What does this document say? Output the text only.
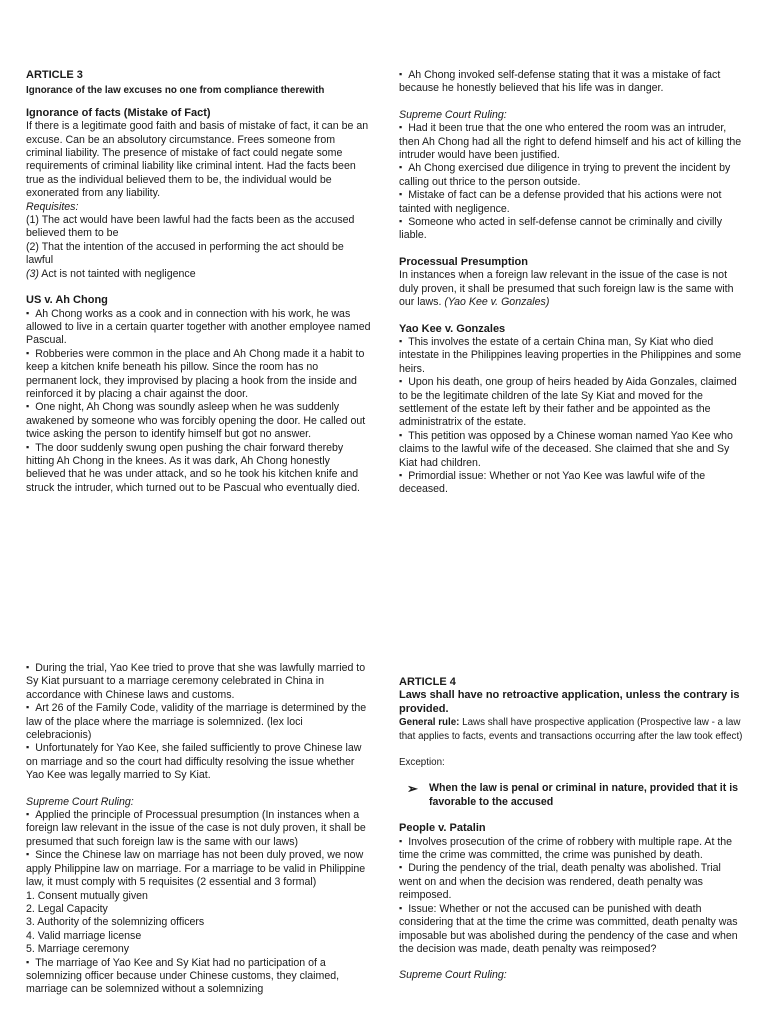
ARTICLE 3

Ignorance of the law excuses no one from compliance therewith

Ignorance of facts (Mistake of Fact)

If there is a legitimate good faith and basis of mistake of fact, it can be an excuse. Can be an absolutory circumstance. Frees someone from criminal liability. The presence of mistake of fact could negate some requirements of criminal liability like criminal intent. Had the facts been true as the individual believed them to be, the individual would be exonerated from any liability.

Requisites:

(1) The act would have been lawful had the facts been as the accused believed them to be

(2) That the intention of the accused in performing the act should be lawful

(3) Act is not tainted with negligence

US v. Ah Chong

▪ Ah Chong works as a cook and in connection with his work, he was allowed to live in a certain quarter together with another employee named Pascual.

▪ Robberies were common in the place and Ah Chong made it a habit to keep a kitchen knife beneath his pillow. Since the room has no permanent lock, they improvised by placing a hook from the inside and reinforced it by placing a chair against the door.

▪ One night, Ah Chong was soundly asleep when he was suddenly awakened by someone who was forcibly opening the door. He called out twice asking the person to identify himself but got no answer.

▪ The door suddenly swung open pushing the chair forward thereby hitting Ah Chong in the knees. As it was dark, Ah Chong honestly believed that he was under attack, and so he took his kitchen knife and struck the intruder, which turned out to be Pascual who eventually died.

▪ Ah Chong invoked self-defense stating that it was a mistake of fact because he honestly believed that his life was in danger.

Supreme Court Ruling:

▪ Had it been true that the one who entered the room was an intruder, then Ah Chong had all the right to defend himself and his act of killing the intruder would have been justified.

▪ Ah Chong exercised due diligence in trying to prevent the incident by calling out thrice to the person outside.

▪ Mistake of fact can be a defense provided that his actions were not tainted with negligence.

▪ Someone who acted in self-defense cannot be criminally and civilly liable.

Processual Presumption

In instances when a foreign law relevant in the issue of the case is not duly proven, it shall be presumed that such foreign law is the same with our laws. (Yao Kee v. Gonzales)

Yao Kee v. Gonzales

▪ This involves the estate of a certain China man, Sy Kiat who died intestate in the Philippines leaving properties in the Philippines and some heirs.

▪ Upon his death, one group of heirs headed by Aida Gonzales, claimed to be the legitimate children of the late Sy Kiat and moved for the settlement of the estate left by their father and be appointed as the administratrix of the estate.

▪ This petition was opposed by a Chinese woman named Yao Kee who claims to the lawful wife of the deceased. She claimed that she and Sy Kiat had children.

▪ Primordial issue: Whether or not Yao Kee was lawful wife of the deceased.

▪ During the trial, Yao Kee tried to prove that she was lawfully married to Sy Kiat pursuant to a marriage ceremony celebrated in China in accordance with Chinese laws and customs.

▪ Art 26 of the Family Code, validity of the marriage is determined by the law of the place where the marriage is solemnized. (lex loci celebracionis)

▪ Unfortunately for Yao Kee, she failed sufficiently to prove Chinese law on marriage and so the court had difficulty resolving the issue whether Yao Kee was legally married to Sy Kiat.

Supreme Court Ruling:

▪ Applied the principle of Processual presumption (In instances when a foreign law relevant in the issue of the case is not duly proven, it shall be presumed that such foreign law is the same with our laws)

▪ Since the Chinese law on marriage has not been duly proved, we now apply Philippine law on marriage. For a marriage to be valid in Philippine law, it must comply with 5 requisites (2 essential and 3 formal)

1. Consent mutually given

2. Legal Capacity

3. Authority of the solemnizing officers

4. Valid marriage license

5. Marriage ceremony

▪ The marriage of Yao Kee and Sy Kiat had no participation of a solemnizing officer because under Chinese customs, they claimed, marriage can be solemnized without a solemnizing

ARTICLE 4

Laws shall have no retroactive application, unless the contrary is provided.

General rule: Laws shall have prospective application (Prospective law - a law that applies to facts, events and transactions occurring after the law took effect)

Exception:

➢	When the law is penal or criminal in nature, provided that it is favorable to the accused

People v. Patalin

▪ Involves prosecution of the crime of robbery with multiple rape. At the time the crime was committed, the crime was punished by death.

▪ During the pendency of the trial, death penalty was abolished. Trial went on and when the decision was rendered, death penalty was reimposed.

▪ Issue: Whether or not the accused can be punished with death considering that at the time the crime was committed, death penalty was imposable but was abolished during the pendency of the case and when the decision was made, death penalty was reimposed?

Supreme Court Ruling:
